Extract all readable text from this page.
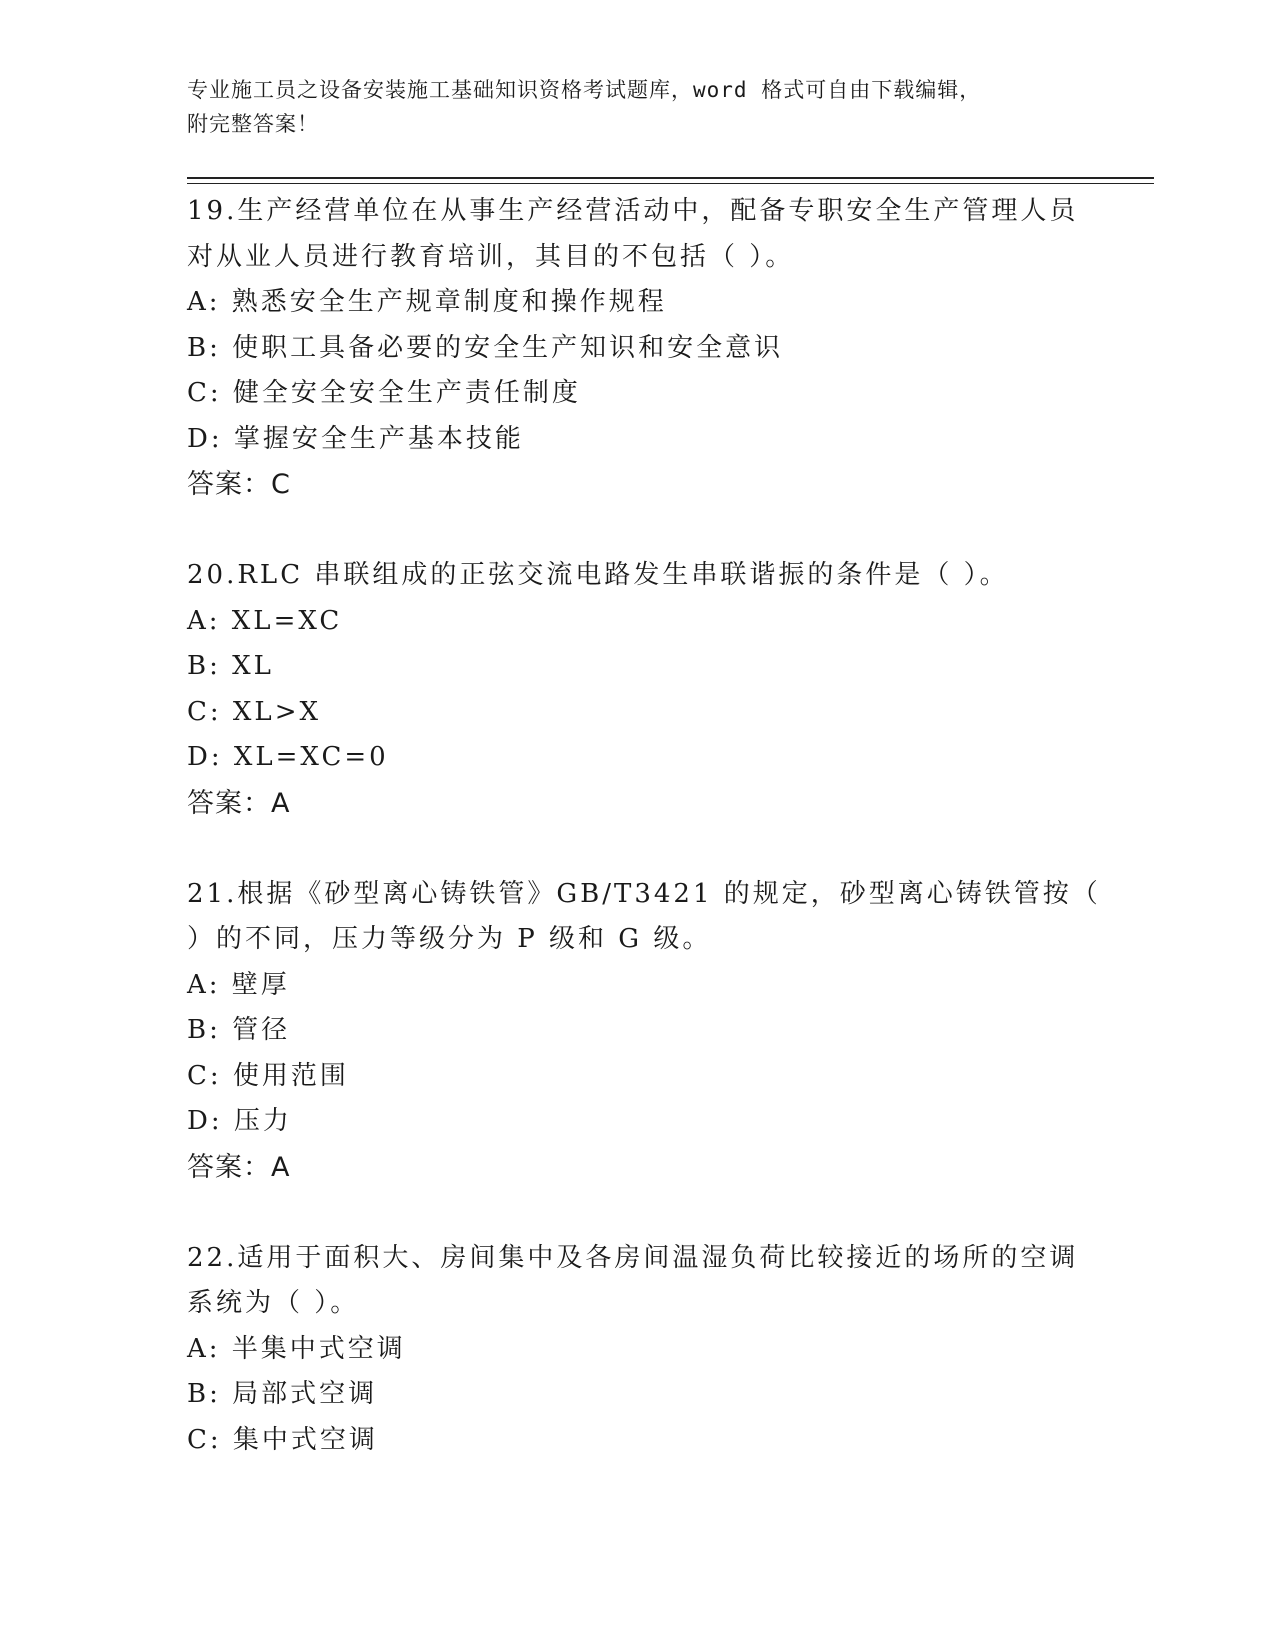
专业施工员之设备安装施工基础知识资格考试题库，word 格式可自由下载编辑，
附完整答案！
19.生产经营单位在从事生产经营活动中，配备专职安全生产管理人员
对从业人员进行教育培训，其目的不包括（ ）。
A: 熟悉安全生产规章制度和操作规程
B: 使职工具备必要的安全生产知识和安全意识
C: 健全安全安全生产责任制度
D: 掌握安全生产基本技能
答案：C
20.RLC 串联组成的正弦交流电路发生串联谐振的条件是（ ）。
A: XL=XC
B: XL
C: XL>X
D: XL=XC=0
答案：A
21.根据《砂型离心铸铁管》GB/T3421 的规定，砂型离心铸铁管按（
）的不同，压力等级分为 P 级和 G 级。
A: 壁厚
B: 管径
C: 使用范围
D: 压力
答案：A
22.适用于面积大、房间集中及各房间温湿负荷比较接近的场所的空调
系统为（ ）。
A: 半集中式空调
B: 局部式空调
C: 集中式空调
